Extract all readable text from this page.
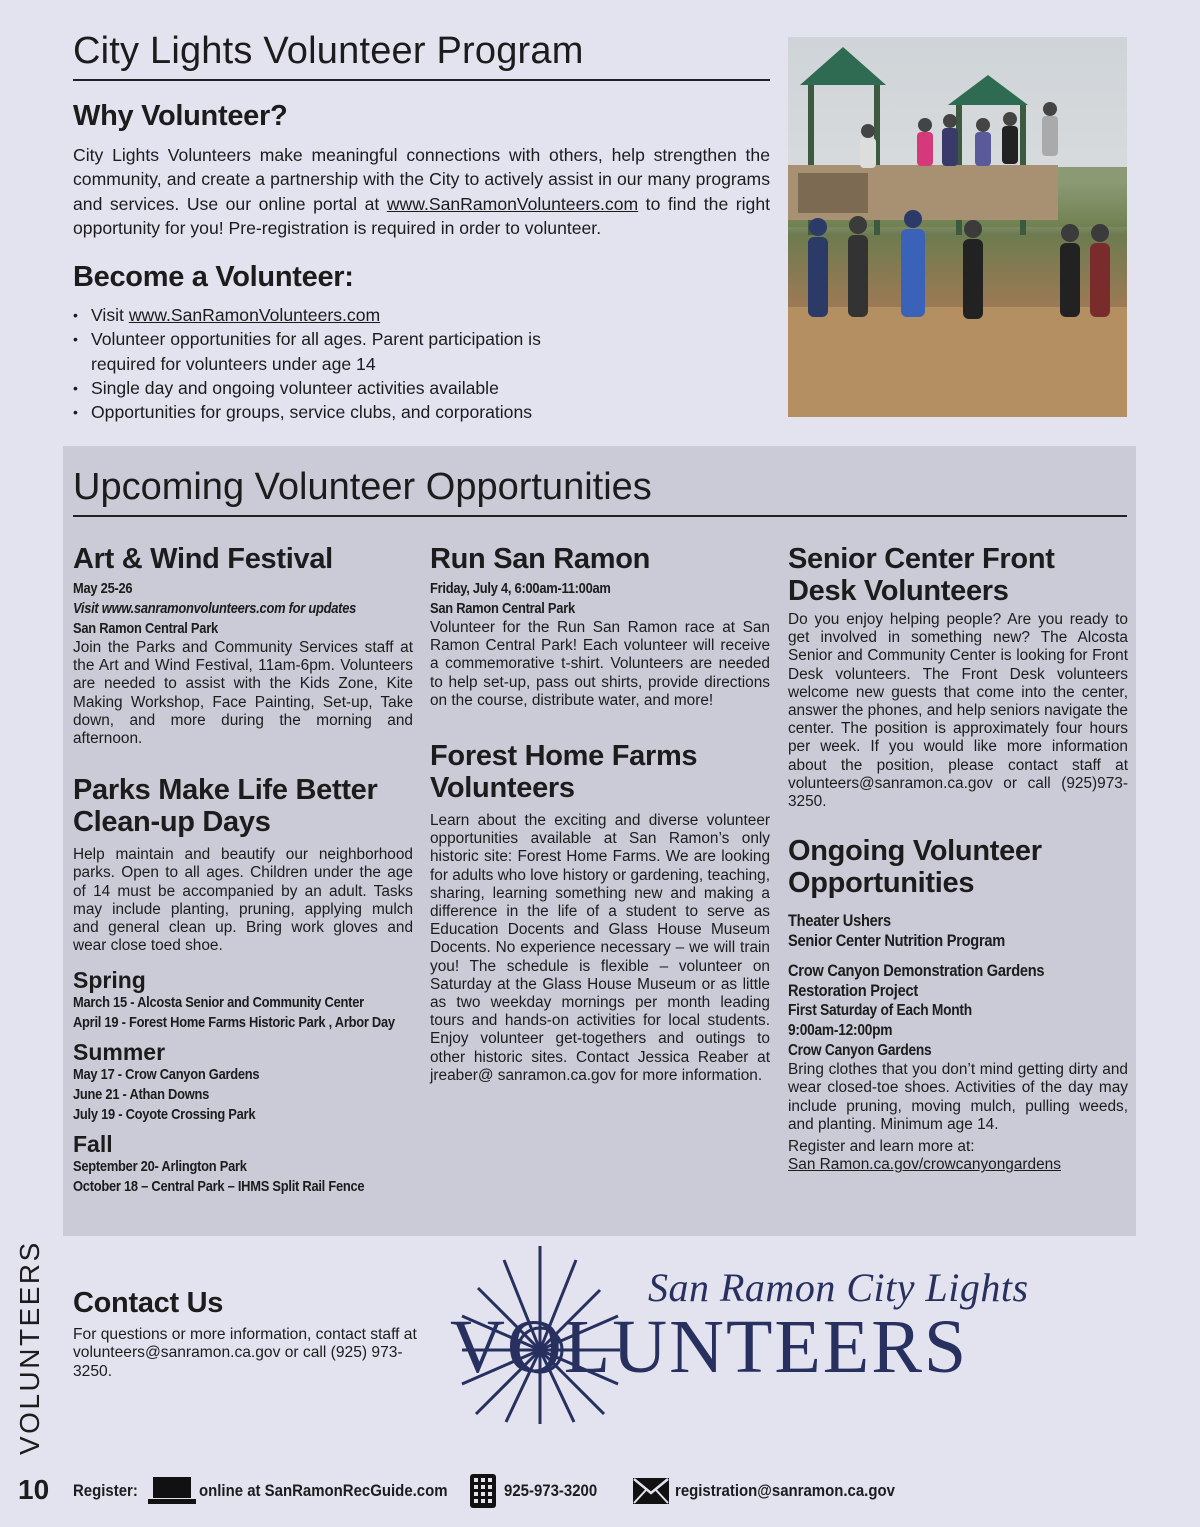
City Lights Volunteer Program
Why Volunteer?

City Lights Volunteers make meaningful connections with others, help strengthen the community, and create a partnership with the City to actively assist in our many programs and services. Use our online portal at www.SanRamonVolunteers.com to find the right opportunity for you! Pre-registration is required in order to volunteer.

Become a Volunteer:
• Visit www.SanRamonVolunteers.com
• Volunteer opportunities for all ages. Parent participation is required for volunteers under age 14
• Single day and ongoing volunteer activities available
• Opportunities for groups, service clubs, and corporations
Upcoming Volunteer Opportunities
Art & Wind Festival
May 25-26
Visit www.sanramonvolunteers.com for updates
San Ramon Central Park

Join the Parks and Community Services staff at the Art and Wind Festival, 11am-6pm. Volunteers are needed to assist with the Kids Zone, Kite Making Workshop, Face Painting, Set-up, Take down, and more during the morning and afternoon.

Parks Make Life Better Clean-up Days

Help maintain and beautify our neighborhood parks. Open to all ages. Children under the age of 14 must be accompanied by an adult. Tasks may include planting, pruning, applying mulch and general clean up. Bring work gloves and wear close toed shoe.

Spring
March 15 - Alcosta Senior and Community Center
April 19 - Forest Home Farms Historic Park , Arbor Day
Summer
May 17 - Crow Canyon Gardens
June 21 - Athan Downs
July 19 - Coyote Crossing Park
Fall
September 20- Arlington Park
October 18 – Central Park – IHMS Split Rail Fence
Run San Ramon
Friday, July 4, 6:00am-11:00am
San Ramon Central Park

Volunteer for the Run San Ramon race at San Ramon Central Park! Each volunteer will receive a commemorative t-shirt. Volunteers are needed to help set-up, pass out shirts, provide directions on the course, distribute water, and more!

Forest Home Farms Volunteers

Learn about the exciting and diverse volunteer opportunities available at San Ramon’s only historic site: Forest Home Farms. We are looking for adults who love history or gardening, teaching, sharing, learning something new and making a difference in the life of a student to serve as Education Docents and Glass House Museum Docents. No experience necessary – we will train you! The schedule is flexible – volunteer on Saturday at the Glass House Museum or as little as two weekday mornings per month leading tours and hands-on activities for local students. Enjoy volunteer get-togethers and outings to other historic sites. Contact Jessica Reaber at jreaber@ sanramon.ca.gov for more information.

Senior Center Front Desk Volunteers

Do you enjoy helping people? Are you ready to get involved in something new? The Alcosta Senior and Community Center is looking for Front Desk volunteers. The Front Desk volunteers welcome new guests that come into the center, answer the phones, and help seniors navigate the center. The position is approximately four hours per week. If you would like more information about the position, please contact staff at volunteers@sanramon.ca.gov or call (925)973-3250.

Ongoing Volunteer Opportunities
Theater Ushers
Senior Center Nutrition Program
Crow Canyon Demonstration Gardens
Restoration Project
First Saturday of Each Month
9:00am-12:00pm
Crow Canyon Gardens

Bring clothes that you don’t mind getting dirty and wear closed-toe shoes. Activities of the day may include pruning, moving mulch, pulling weeds, and planting. Minimum age 14.

Register and learn more at:

San Ramon.ca.gov/crowcanyongardens
Contact Us

For questions or more information, contact staff at volunteers@sanramon.ca.gov or call (925) 973-3250.

San Ramon City Lights
VOLUNTEERS
VOLUNTEERS
10 Register:	online at SanRamonRecGuide.com	925-973-3200	registration@sanramon.ca.gov
